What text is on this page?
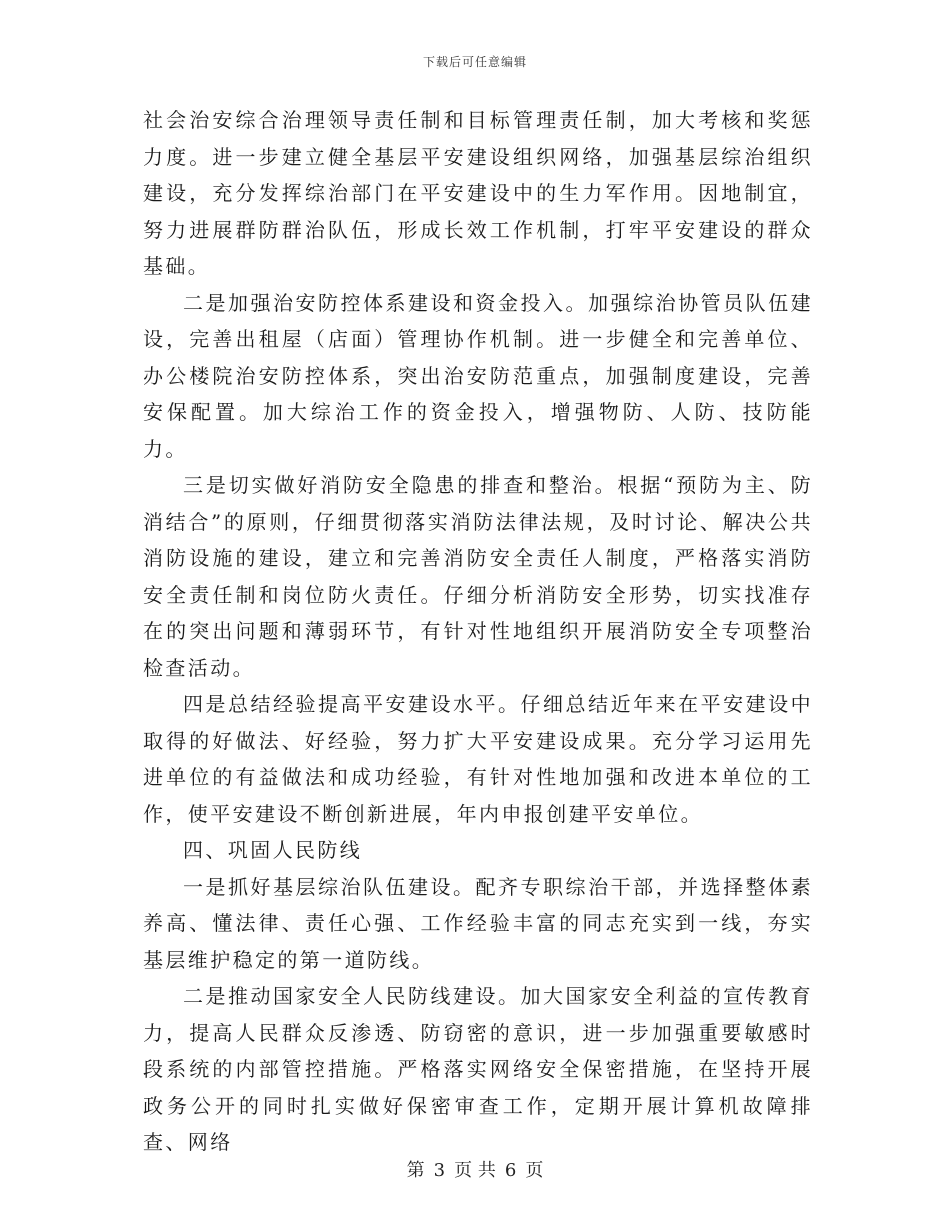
下载后可任意编辑

社会治安综合治理领导责任制和目标管理责任制，加大考核和奖惩力度。进一步建立健全基层平安建设组织网络，加强基层综治组织建设，充分发挥综治部门在平安建设中的生力军作用。因地制宜，努力进展群防群治队伍，形成长效工作机制，打牢平安建设的群众基础。

二是加强治安防控体系建设和资金投入。加强综治协管员队伍建设，完善出租屋（店面）管理协作机制。进一步健全和完善单位、办公楼院治安防控体系，突出治安防范重点，加强制度建设，完善安保配置。加大综治工作的资金投入，增强物防、人防、技防能力。

三是切实做好消防安全隐患的排查和整治。根据“预防为主、防消结合”的原则，仔细贯彻落实消防法律法规，及时讨论、解决公共消防设施的建设，建立和完善消防安全责任人制度，严格落实消防安全责任制和岗位防火责任。仔细分析消防安全形势，切实找准存在的突出问题和薄弱环节，有针对性地组织开展消防安全专项整治检查活动。

四是总结经验提高平安建设水平。仔细总结近年来在平安建设中取得的好做法、好经验，努力扩大平安建设成果。充分学习运用先进单位的有益做法和成功经验，有针对性地加强和改进本单位的工作，使平安建设不断创新进展，年内申报创建平安单位。

四、巩固人民防线

一是抓好基层综治队伍建设。配齐专职综治干部，并选择整体素养高、懂法律、责任心强、工作经验丰富的同志充实到一线，夯实基层维护稳定的第一道防线。

二是推动国家安全人民防线建设。加大国家安全利益的宣传教育力，提高人民群众反渗透、防窃密的意识，进一步加强重要敏感时段系统的内部管控措施。严格落实网络安全保密措施，在坚持开展政务公开的同时扎实做好保密审查工作，定期开展计算机故障排查、网络

第 3 页 共 6 页
